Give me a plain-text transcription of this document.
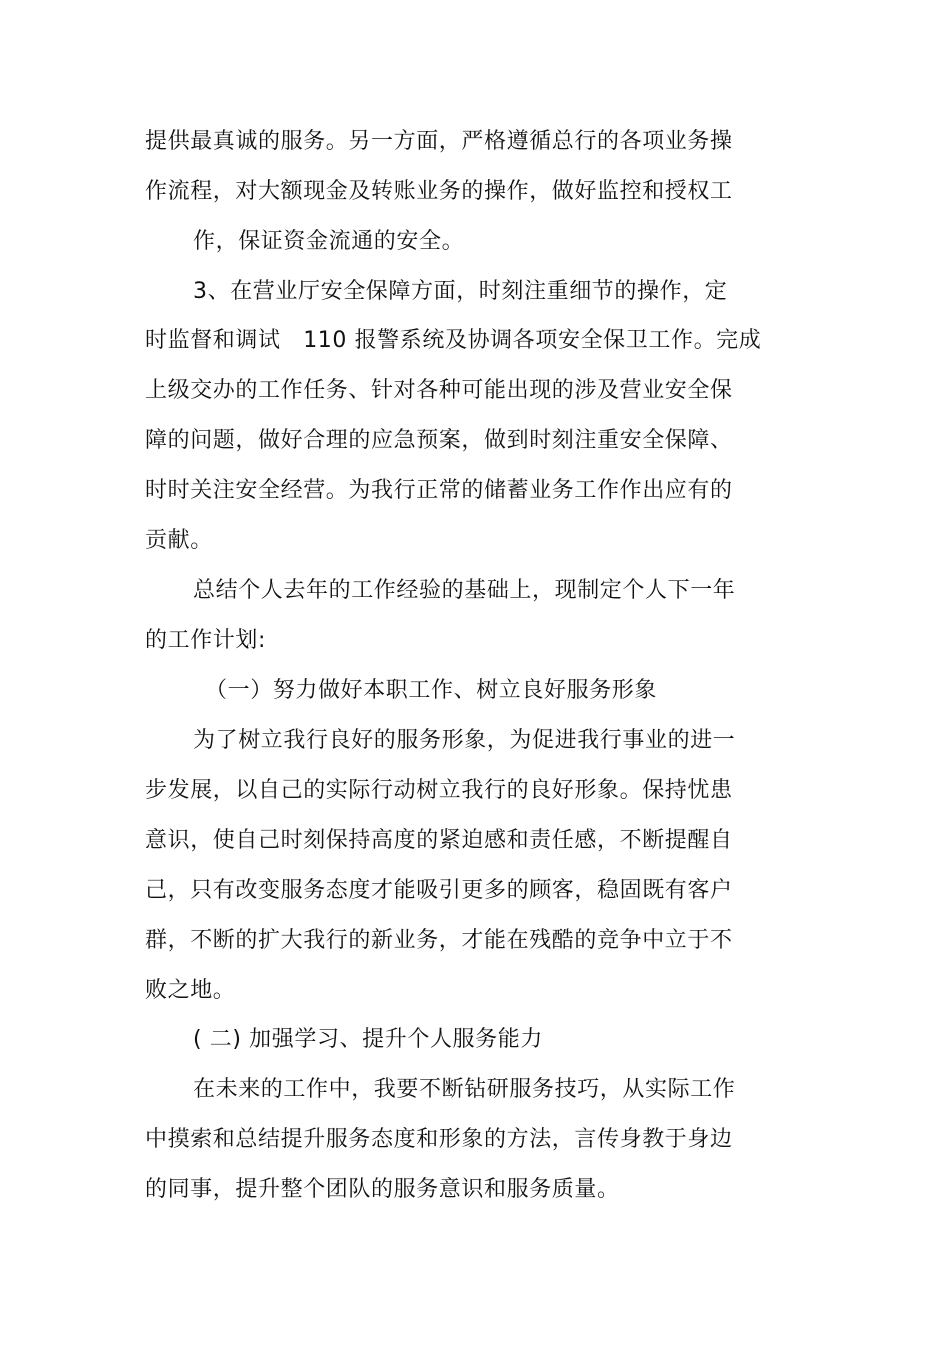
提供最真诚的服务。另一方面，严格遵循总行的各项业务操
作流程，对大额现金及转账业务的操作，做好监控和授权工
作，保证资金流通的安全。
3、在营业厅安全保障方面，时刻注重细节的操作，定
时监督和调试　110 报警系统及协调各项安全保卫工作。完成
上级交办的工作任务、针对各种可能出现的涉及营业安全保
障的问题，做好合理的应急预案，做到时刻注重安全保障、
时时关注安全经营。为我行正常的储蓄业务工作作出应有的
贡献。
总结个人去年的工作经验的基础上，现制定个人下一年
的工作计划:
（一）努力做好本职工作、树立良好服务形象
为了树立我行良好的服务形象，为促进我行事业的进一
步发展，以自己的实际行动树立我行的良好形象。保持忧患
意识，使自己时刻保持高度的紧迫感和责任感，不断提醒自
己，只有改变服务态度才能吸引更多的顾客，稳固既有客户
群，不断的扩大我行的新业务，才能在残酷的竞争中立于不
败之地。
( 二) 加强学习、提升个人服务能力
在未来的工作中，我要不断钻研服务技巧，从实际工作
中摸索和总结提升服务态度和形象的方法，言传身教于身边
的同事，提升整个团队的服务意识和服务质量。
